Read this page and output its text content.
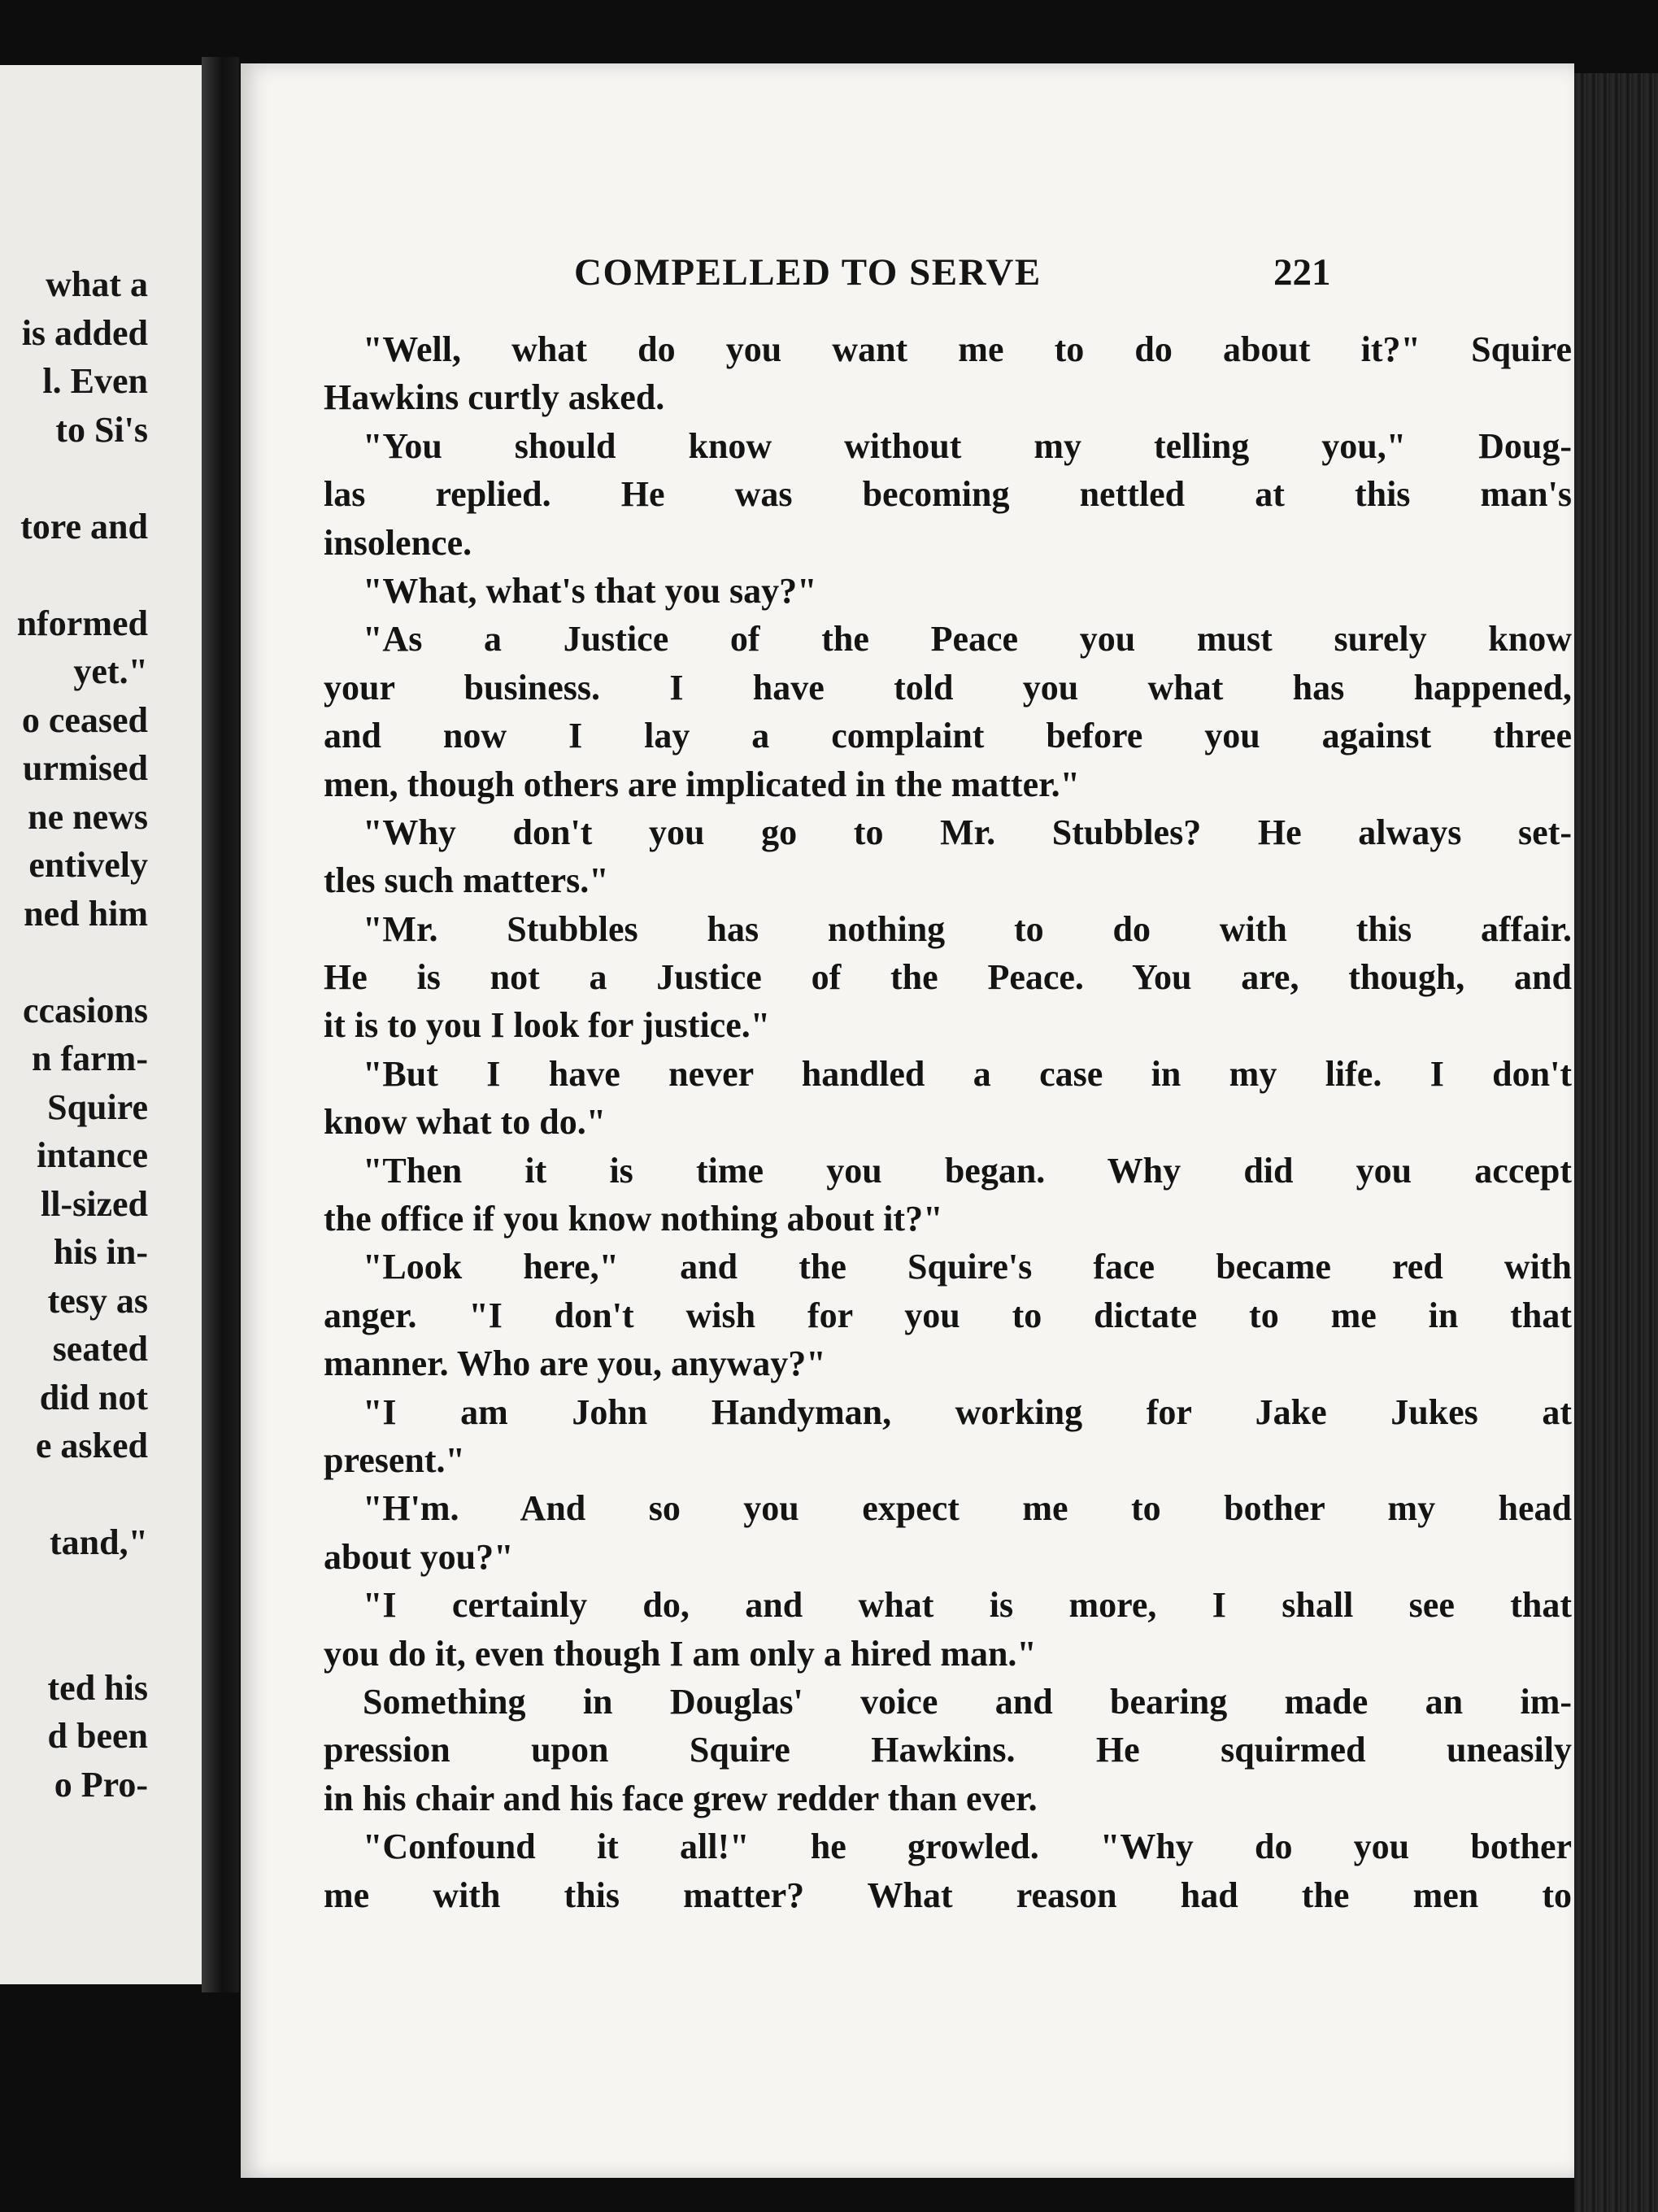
what a
is added
l. Even
to Si's
tore and
nformed
yet."
o ceased
urmised
ne news
entively
ned him
ccasions
n farm-
Squire
intance
ll-sized
his in-
tesy as
seated
did not
e asked
tand,"
ted his
d been
o Pro-
COMPELLED TO SERVE	221
"Well, what do you want me to do about it?" Squire
Hawkins curtly asked.
"You should know without my telling you," Doug-
las replied. He was becoming nettled at this man's
insolence.
"What, what's that you say?"
"As a Justice of the Peace you must surely know
your business. I have told you what has happened,
and now I lay a complaint before you against three
men, though others are implicated in the matter."
"Why don't you go to Mr. Stubbles? He always set-
tles such matters."
"Mr. Stubbles has nothing to do with this affair.
He is not a Justice of the Peace. You are, though, and
it is to you I look for justice."
"But I have never handled a case in my life. I don't
know what to do."
"Then it is time you began. Why did you accept
the office if you know nothing about it?"
"Look here," and the Squire's face became red with
anger. "I don't wish for you to dictate to me in that
manner. Who are you, anyway?"
"I am John Handyman, working for Jake Jukes at
present."
"H'm. And so you expect me to bother my head
about you?"
"I certainly do, and what is more, I shall see that
you do it, even though I am only a hired man."
Something in Douglas' voice and bearing made an im-
pression upon Squire Hawkins. He squirmed uneasily
in his chair and his face grew redder than ever.
"Confound it all!" he growled. "Why do you bother
me with this matter? What reason had the men to
